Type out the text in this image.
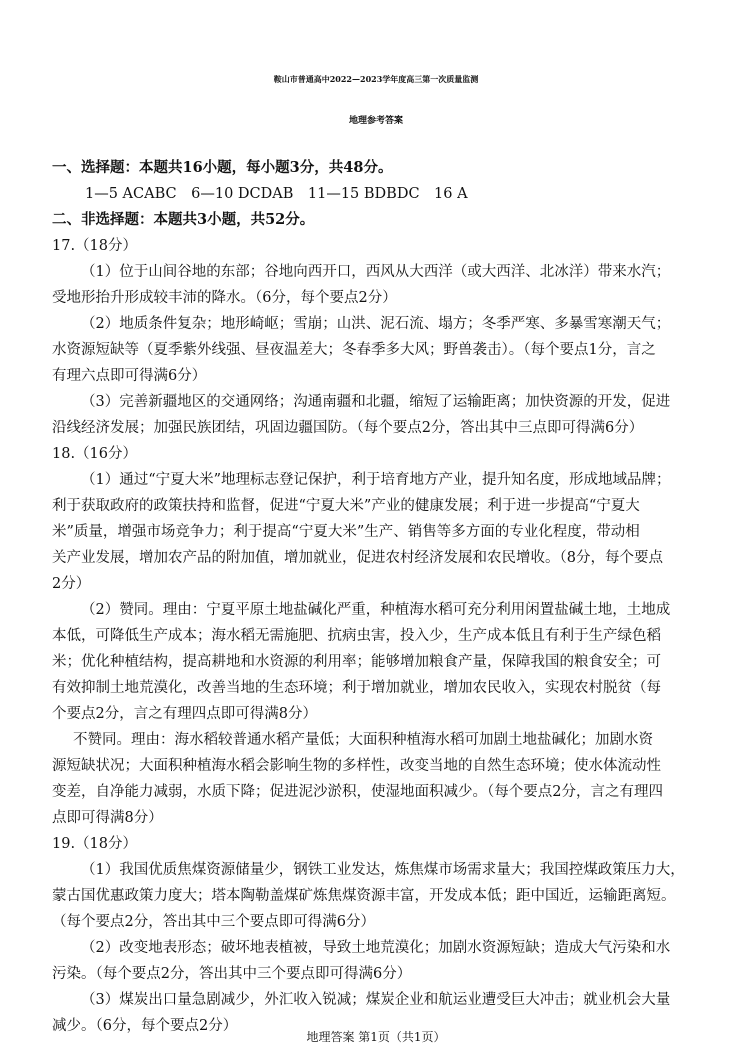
鞍山市普通高中2022—2023学年度高三第一次质量监测
地理参考答案
一、选择题：本题共16小题，每小题3分，共48分。
1—5 ACABC　6—10 DCDAB　11—15 BDBDC　16 A
二、非选择题：本题共3小题，共52分。
17.（18分）
（1）位于山间谷地的东部；谷地向西开口，西风从大西洋（或大西洋、北冰洋）带来水汽；
受地形抬升形成较丰沛的降水。（6分，每个要点2分）
（2）地质条件复杂；地形崎岖；雪崩；山洪、泥石流、塌方；冬季严寒、多暴雪寒潮天气；
水资源短缺等（夏季紫外线强、昼夜温差大；冬春季多大风；野兽袭击）。（每个要点1分，言之
有理六点即可得满6分）
（3）完善新疆地区的交通网络；沟通南疆和北疆，缩短了运输距离；加快资源的开发，促进
沿线经济发展；加强民族团结，巩固边疆国防。（每个要点2分，答出其中三点即可得满6分）
18.（16分）
（1）通过“宁夏大米”地理标志登记保护，利于培育地方产业，提升知名度，形成地域品牌；
利于获取政府的政策扶持和监督，促进“宁夏大米”产业的健康发展；利于进一步提高“宁夏大
米”质量，增强市场竞争力；利于提高“宁夏大米”生产、销售等多方面的专业化程度，带动相
关产业发展，增加农产品的附加值，增加就业，促进农村经济发展和农民增收。（8分，每个要点
2分）
（2）赞同。理由：宁夏平原土地盐碱化严重，种植海水稻可充分利用闲置盐碱土地，土地成
本低，可降低生产成本；海水稻无需施肥、抗病虫害，投入少，生产成本低且有利于生产绿色稻
米；优化种植结构，提高耕地和水资源的利用率；能够增加粮食产量，保障我国的粮食安全；可
有效抑制土地荒漠化，改善当地的生态环境；利于增加就业，增加农民收入，实现农村脱贫（每
个要点2分，言之有理四点即可得满8分）
不赞同。理由：海水稻较普通水稻产量低；大面积种植海水稻可加剧土地盐碱化；加剧水资
源短缺状况；大面积种植海水稻会影响生物的多样性，改变当地的自然生态环境；使水体流动性
变差，自净能力减弱，水质下降；促进泥沙淤积，使湿地面积减少。（每个要点2分，言之有理四
点即可得满8分）
19.（18分）
（1）我国优质焦煤资源储量少，钢铁工业发达，炼焦煤市场需求量大；我国控煤政策压力大，
蒙古国优惠政策力度大；塔本陶勒盖煤矿炼焦煤资源丰富，开发成本低；距中国近，运输距离短。
（每个要点2分，答出其中三个要点即可得满6分）
（2）改变地表形态；破坏地表植被，导致土地荒漠化；加剧水资源短缺；造成大气污染和水
污染。（每个要点2分，答出其中三个要点即可得满6分）
（3）煤炭出口量急剧减少，外汇收入锐减；煤炭企业和航运业遭受巨大冲击；就业机会大量
减少。（6分，每个要点2分）
地理答案 第1页（共1页）
